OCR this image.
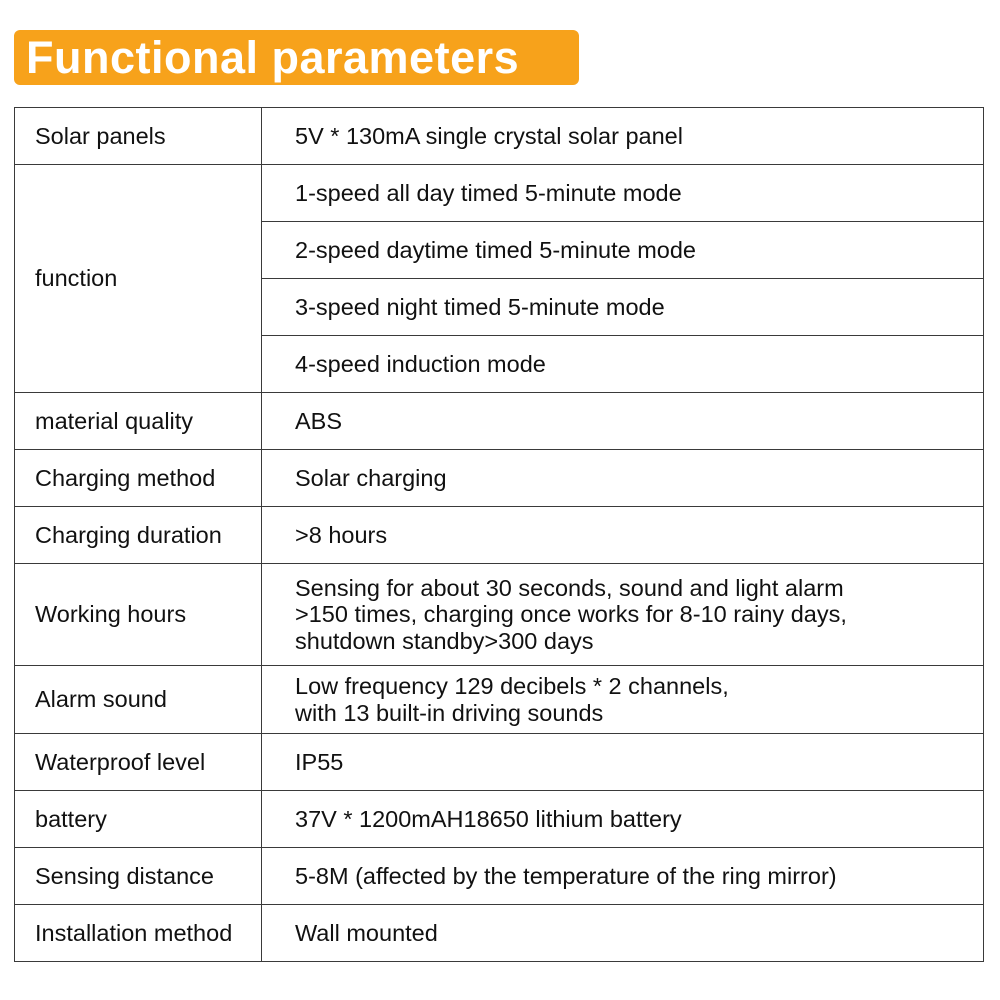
Functional parameters
Solar panels	5V * 130mA single crystal solar panel
function	1-speed all day timed 5-minute mode
	2-speed daytime timed 5-minute mode
	3-speed night timed 5-minute mode
	4-speed induction mode
material quality	ABS
Charging method	Solar charging
Charging duration	>8 hours
Working hours	Sensing for about 30 seconds, sound and light alarm
>150 times, charging once works for 8-10 rainy days,
shutdown standby>300 days

Alarm sound	Low frequency 129 decibels * 2 channels,
with 13 built-in driving sounds

Waterproof level	IP55
battery	37V * 1200mAH18650 lithium battery
Sensing distance	5-8M (affected by the temperature of the ring mirror)
Installation method	Wall mounted
